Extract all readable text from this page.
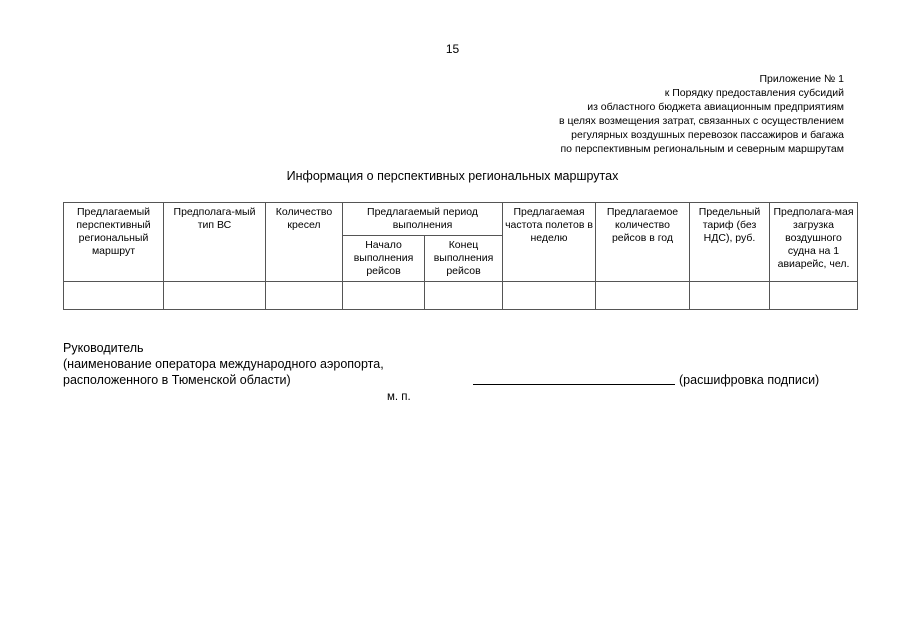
15
Приложение № 1
к Порядку предоставления субсидий
из областного бюджета авиационным предприятиям
в целях возмещения затрат, связанных с осуществлением
регулярных воздушных перевозок пассажиров и багажа
по перспективным региональным и северным маршрутам
Информация о перспективных региональных маршрутах
Предлагаемый перспективный региональный маршрут	Предполага-мый тип ВС	Количество кресел	Предлагаемый период выполнения		Предлагаемая частота полетов в неделю	Предлагаемое количество рейсов в год	Предельный тариф (без НДС), руб.	Предполага-мая загрузка воздушного судна на 1 авиарейс, чел.
			Начало выполнения рейсов	Конец выполнения рейсов				

Руководитель
(наименование оператора международного аэропорта,
расположенного в Тюменской области)	(расшифровка подписи)
м. п.
